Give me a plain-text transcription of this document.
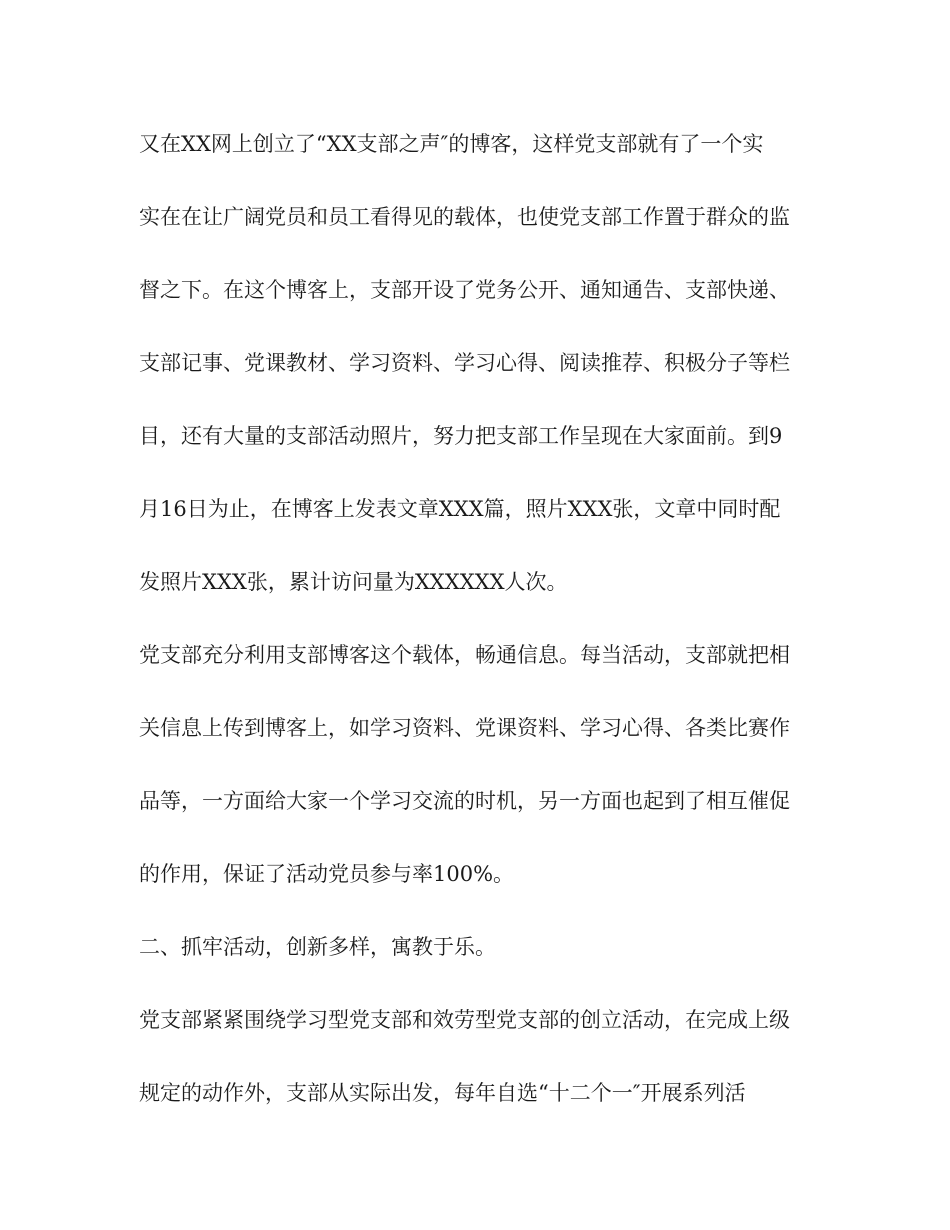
又在XX网上创立了“XX支部之声″的博客，这样党支部就有了一个实
实在在让广阔党员和员工看得见的载体，也使党支部工作置于群众的监
督之下。在这个博客上，支部开设了党务公开、通知通告、支部快递、
支部记事、党课教材、学习资料、学习心得、阅读推荐、积极分子等栏
目，还有大量的支部活动照片，努力把支部工作呈现在大家面前。到9
月16日为止，在博客上发表文章XXX篇，照片XXX张，文章中同时配
发照片XXX张，累计访问量为XXXXXX人次。
党支部充分利用支部博客这个载体，畅通信息。每当活动，支部就把相
关信息上传到博客上，如学习资料、党课资料、学习心得、各类比赛作
品等，一方面给大家一个学习交流的时机，另一方面也起到了相互催促
的作用，保证了活动党员参与率100%。
二、抓牢活动，创新多样，寓教于乐。
党支部紧紧围绕学习型党支部和效劳型党支部的创立活动，在完成上级
规定的动作外，支部从实际出发，每年自选“十二个一″开展系列活
